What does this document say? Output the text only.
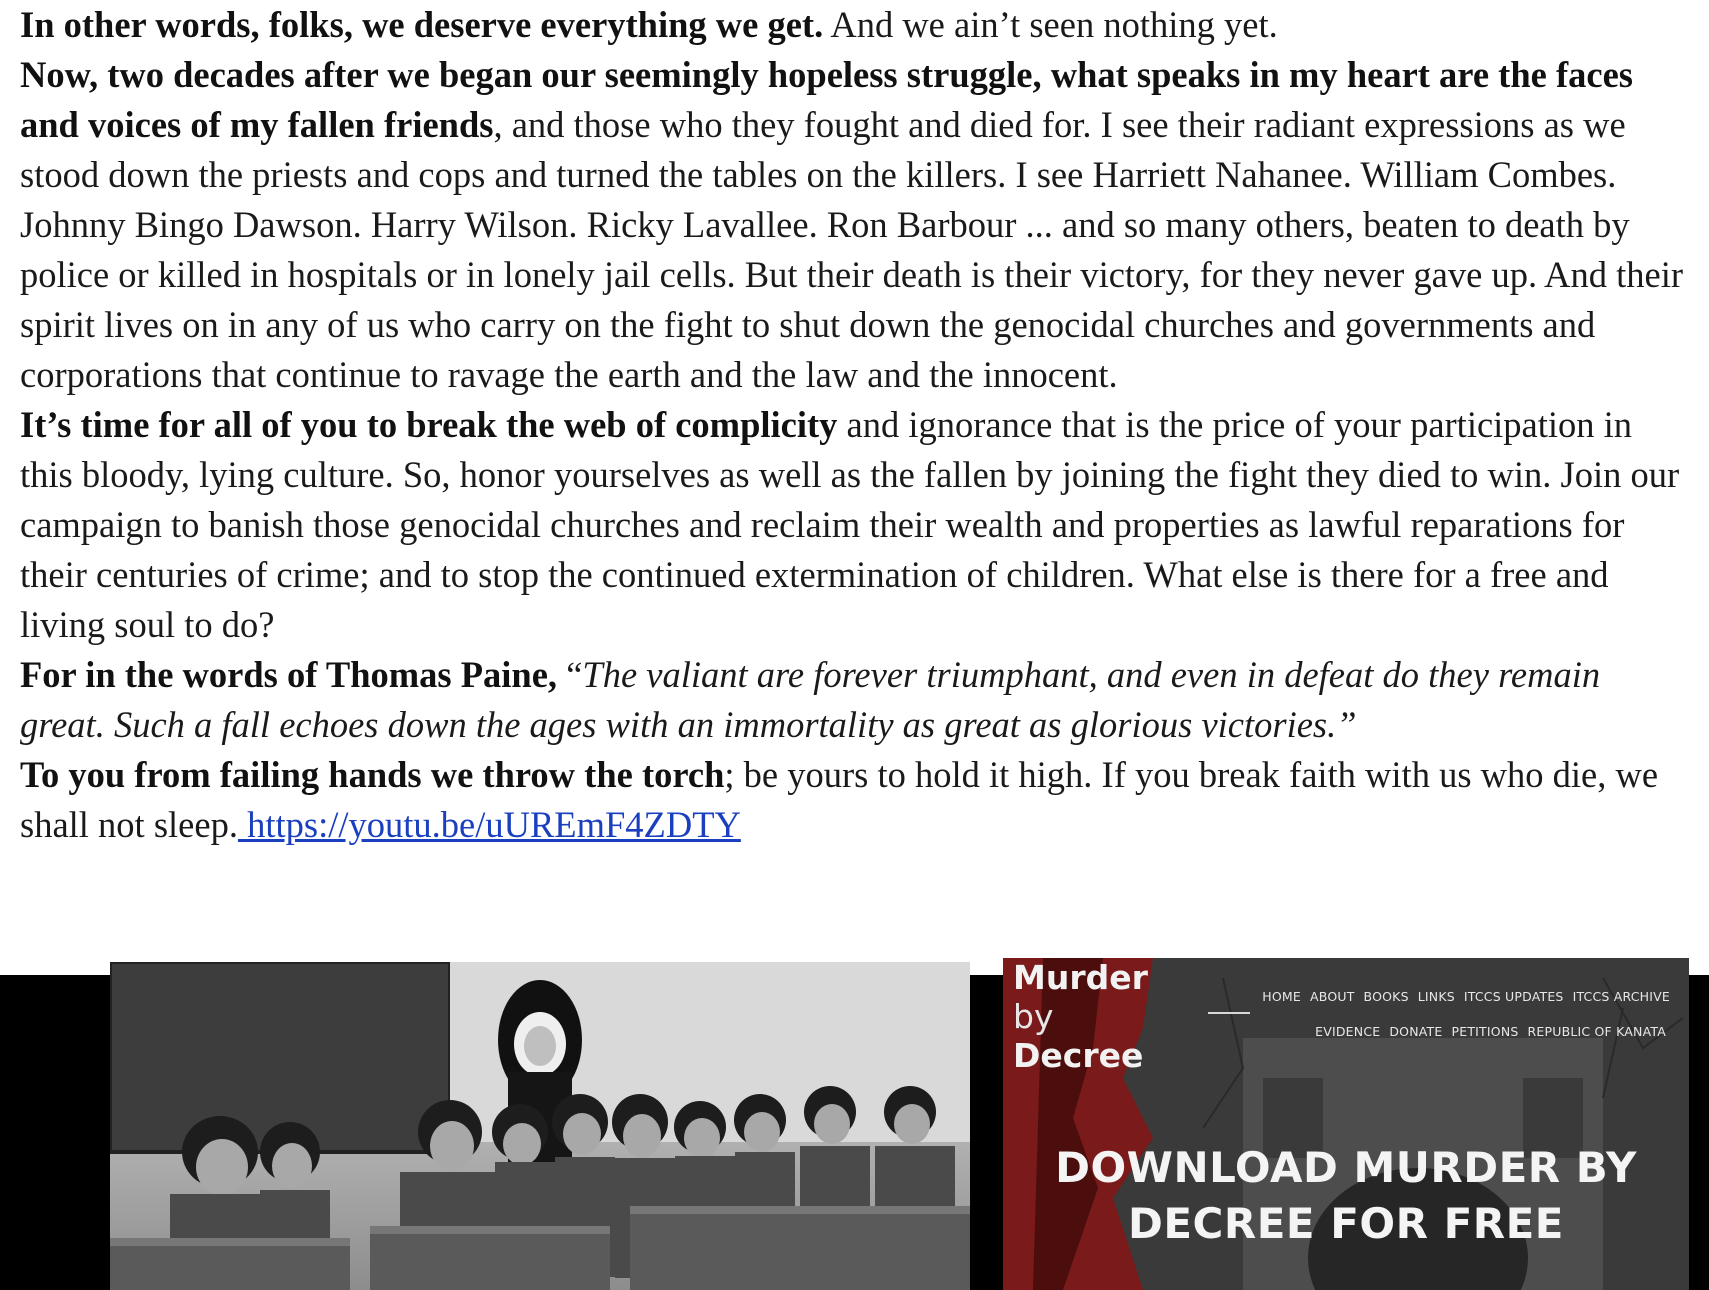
In other words, folks, we deserve everything we get. And we ain’t seen nothing yet.

Now, two decades after we began our seemingly hopeless struggle, what speaks in my heart are the faces and voices of my fallen friends, and those who they fought and died for. I see their radiant expressions as we stood down the priests and cops and turned the tables on the killers. I see Harriett Nahanee. William Combes. Johnny Bingo Dawson. Harry Wilson. Ricky Lavallee. Ron Barbour ... and so many others, beaten to death by police or killed in hospitals or in lonely jail cells. But their death is their victory, for they never gave up. And their spirit lives on in any of us who carry on the fight to shut down the genocidal churches and governments and corporations that continue to ravage the earth and the law and the innocent.

It’s time for all of you to break the web of complicity and ignorance that is the price of your participation in this bloody, lying culture. So, honor yourselves as well as the fallen by joining the fight they died to win. Join our campaign to banish those genocidal churches and reclaim their wealth and properties as lawful reparations for their centuries of crime; and to stop the continued extermination of children. What else is there for a free and living soul to do?

For in the words of Thomas Paine, “The valiant are forever triumphant, and even in defeat do they remain great. Such a fall echoes down the ages with an immortality as great as glorious victories.”

To you from failing hands we throw the torch; be yours to hold it high. If you break faith with us who die, we shall not sleep. https://youtu.be/uUREmF4ZDTY

Murder
by
Decree
HOME ABOUT BOOKS LINKS ITCCS UPDATES ITCCS ARCHIVE
EVIDENCE DONATE PETITIONS REPUBLIC OF KANATA
DOWNLOAD MURDER BY
DECREE FOR FREE
